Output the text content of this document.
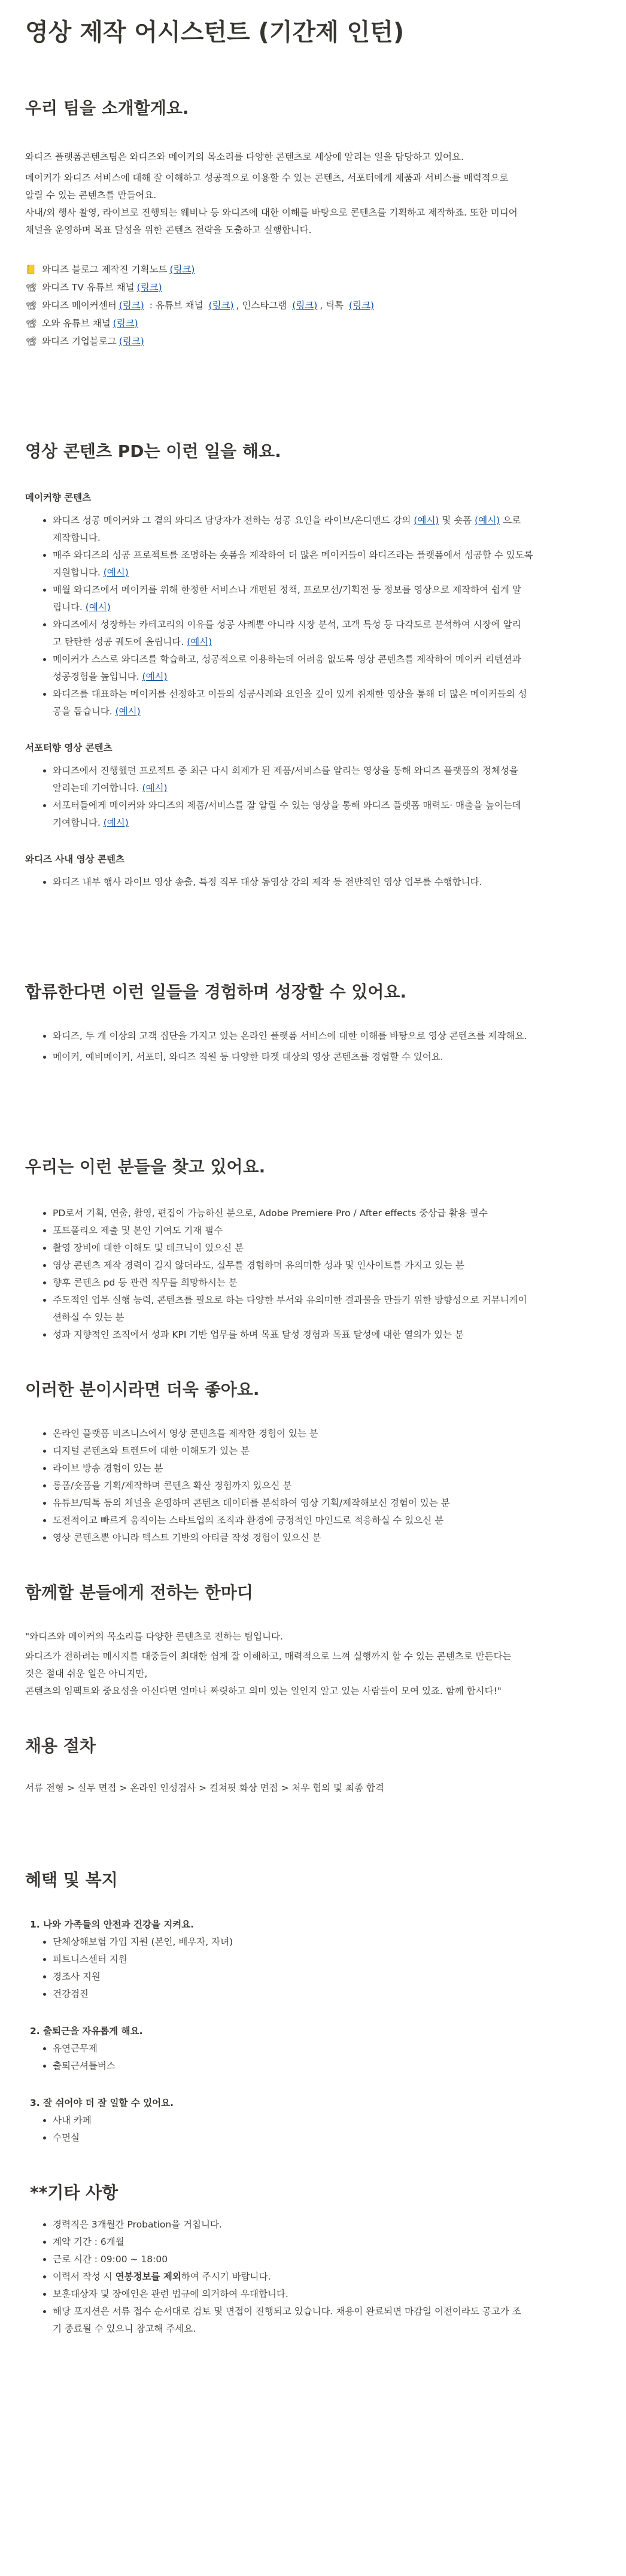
영상 제작 어시스턴트 (기간제 인턴)
우리 팀을 소개할게요.

와디즈 플랫폼콘텐츠팀은 와디즈와 메이커의 목소리를 다양한 콘텐츠로 세상에 알리는 일을 담당하고 있어요.

메이커가 와디즈 서비스에 대해 잘 이해하고 성공적으로 이용할 수 있는 콘텐츠, 서포터에게 제품과 서비스를 매력적으로

알릴 수 있는 콘텐츠를 만들어요.

사내/외 행사 촬영, 라이브로 진행되는 웨비나 등 와디즈에 대한 이해를 바탕으로 콘텐츠를 기획하고 제작하죠. 또한 미디어

채널을 운영하며 목표 달성을 위한 콘텐츠 전략을 도출하고 실행합니다.

📒 와디즈 블로그 제작진 기획노트 (링크)
📽 와디즈 TV 유튜브 채널 (링크)
📽 와디즈 메이커센터 (링크) : 유튜브 채널 (링크) , 인스타그램 (링크) , 틱톡 (링크)
📽 오와 유튜브 채널 (링크)
📽 와디즈 기업블로그 (링크)
영상 콘텐츠 PD는 이런 일을 해요.
메이커향 콘텐츠
• 와디즈 성공 메이커와 그 곁의 와디즈 담당자가 전하는 성공 요인을 라이브/온디맨드 강의 (예시) 및 숏폼 (예시) 으로
제작합니다.
• 매주 와디즈의 성공 프로젝트를 조명하는 숏폼을 제작하여 더 많은 메이커들이 와디즈라는 플랫폼에서 성공할 수 있도록
지원합니다. (예시)
• 매월 와디즈에서 메이커를 위해 한정한 서비스나 개편된 정책, 프로모션/기획전 등 정보를 영상으로 제작하여 쉽게 알
립니다. (예시)
• 와디즈에서 성장하는 카테고리의 이유를 성공 사례뿐 아니라 시장 분석, 고객 특성 등 다각도로 분석하여 시장에 알리
고 탄탄한 성공 궤도에 올립니다. (예시)
• 메이커가 스스로 와디즈를 학습하고, 성공적으로 이용하는데 어려움 없도록 영상 콘텐츠를 제작하여 메이커 리텐션과
성공경험을 높입니다. (예시)
• 와디즈를 대표하는 메이커를 선정하고 이들의 성공사례와 요인을 깊이 있게 취재한 영상을 통해 더 많은 메이커들의 성
공을 돕습니다. (예시)
서포터향 영상 콘텐츠
• 와디즈에서 진행했던 프로젝트 중 최근 다시 회제가 된 제품/서비스를 알리는 영상을 통해 와디즈 플랫폼의 정체성을
알리는데 기여합니다. (예시)
• 서포터들에게 메이커와 와디즈의 제품/서비스를 잘 알릴 수 있는 영상을 통해 와디즈 플랫폼 매력도· 매출을 높이는데
기여합니다. (예시)
와디즈 사내 영상 콘텐츠
• 와디즈 내부 행사 라이브 영상 송출, 특정 직무 대상 동영상 강의 제작 등 전반적인 영상 업무를 수행합니다.
합류한다면 이런 일들을 경험하며 성장할 수 있어요.
• 와디즈, 두 개 이상의 고객 집단을 가지고 있는 온라인 플랫폼 서비스에 대한 이해를 바탕으로 영상 콘텐츠를 제작해요.
• 메이커, 예비메이커, 서포터, 와디즈 직원 등 다양한 타겟 대상의 영상 콘텐츠를 경험할 수 있어요.
우리는 이런 분들을 찾고 있어요.
• PD로서 기획, 연출, 촬영, 편집이 가능하신 분으로, Adobe Premiere Pro / After effects 중상급 활용 필수
• 포트폴리오 제출 및 본인 기여도 기재 필수
• 촬영 장비에 대한 이해도 및 테크닉이 있으신 분
• 영상 콘텐츠 제작 경력이 길지 않더라도, 실무를 경험하며 유의미한 성과 및 인사이트를 가지고 있는 분
• 향후 콘텐츠 pd 등 관련 직무를 희망하시는 분
• 주도적인 업무 실행 능력, 콘텐츠를 필요로 하는 다양한 부서와 유의미한 결과물을 만들기 위한 방향성으로 커뮤니케이
션하실 수 있는 분
• 성과 지향적인 조직에서 성과 KPI 기반 업무를 하며 목표 달성 경험과 목표 달성에 대한 열의가 있는 분
이러한 분이시라면 더욱 좋아요.
• 온라인 플랫폼 비즈니스에서 영상 콘텐츠를 제작한 경험이 있는 분
• 디지털 콘텐츠와 트렌드에 대한 이해도가 있는 분
• 라이브 방송 경험이 있는 분
• 롱폼/숏폼을 기획/제작하며 콘텐츠 확산 경험까지 있으신 분
• 유튜브/틱톡 등의 채널을 운영하며 콘텐츠 데이터를 분석하여 영상 기획/제작해보신 경험이 있는 분
• 도전적이고 빠르게 움직이는 스타트업의 조직과 환경에 긍정적인 마인드로 적응하실 수 있으신 분
• 영상 콘텐츠뿐 아니라 텍스트 기반의 아티클 작성 경험이 있으신 분
함께할 분들에게 전하는 한마디

"와디즈와 메이커의 목소리를 다양한 콘텐츠로 전하는 팀입니다.

와디즈가 전하려는 메시지를 대중들이 최대한 쉽게 잘 이해하고, 매력적으로 느껴 실행까지 할 수 있는 콘텐츠로 만든다는

것은 절대 쉬운 일은 아니지만,

콘텐츠의 임팩트와 중요성을 아신다면 얼마나 짜릿하고 의미 있는 일인지 알고 있는 사람들이 모여 있죠. 함께 합시다!"

채용 절차
서류 전형 > 실무 면접 > 온라인 인성검사 > 컬쳐핏 화상 면접 > 처우 협의 및 최종 합격
혜택 및 복지
1. 나와 가족들의 안전과 건강을 지켜요.
• 단체상해보험 가입 지원 (본인, 배우자, 자녀)
• 피트니스센터 지원
• 경조사 지원
• 건강검진
2. 출퇴근을 자유롭게 해요.
• 유연근무제
• 출퇴근셔틀버스
3. 잘 쉬어야 더 잘 일할 수 있어요.
• 사내 카페
• 수면실
**기타 사항
• 경력직은 3개월간 Probation을 거칩니다.
• 계약 기간 : 6개월
• 근로 시간 : 09:00 ~ 18:00
• 이력서 작성 시 연봉정보를 제외하여 주시기 바랍니다.
• 보훈대상자 및 장애인은 관련 법규에 의거하여 우대합니다.
• 해당 포지션은 서류 접수 순서대로 검토 및 면접이 진행되고 있습니다. 채용이 완료되면 마감일 이전이라도 공고가 조
기 종료될 수 있으니 참고해 주세요.
